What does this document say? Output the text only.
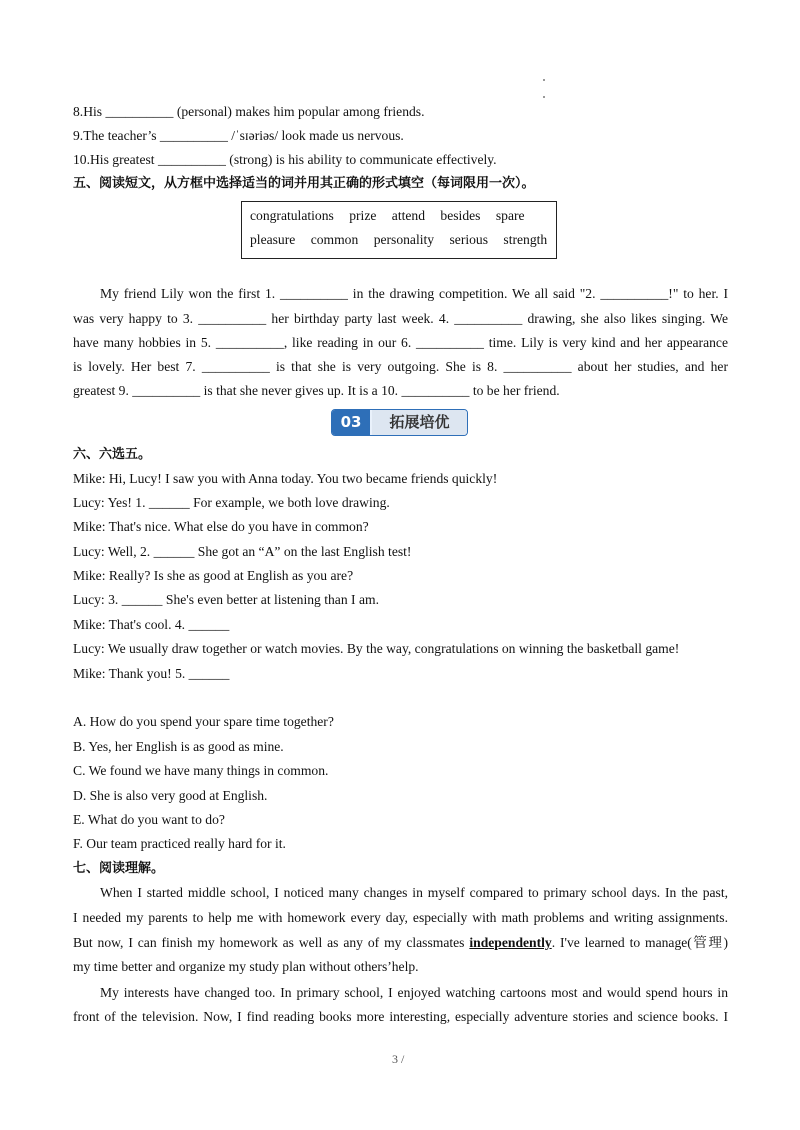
8.His __________ (personal) makes him popular among friends.
9.The teacher’s __________ /ˈsɪəriəs/ look made us nervous.
10.His greatest __________ (strong) is his ability to communicate effectively.
五、阅读短文，从方框中选择适当的词并用其正确的形式填空（每词限用一次）。
congratulations prize attend besides spare
pleasure common personality serious strength
My friend Lily won the first 1. __________ in the drawing competition. We all said "2. __________!" to her. I
was very happy to 3. __________ her birthday party last week. 4. __________ drawing, she also likes singing. We
have many hobbies in 5. __________, like reading in our 6. __________ time. Lily is very kind and her appearance
is lovely. Her best 7. __________ is that she is very outgoing. She is 8. __________ about her studies, and her
greatest 9. __________ is that she never gives up. It is a 10. __________ to be her friend.
03	拓展培优
六、六选五。
Mike: Hi, Lucy! I saw you with Anna today. You two became friends quickly!
Lucy: Yes! 1. ______ For example, we both love drawing.
Mike: That's nice. What else do you have in common?
Lucy: Well, 2. ______ She got an “A” on the last English test!
Mike: Really? Is she as good at English as you are?
Lucy: 3. ______ She's even better at listening than I am.
Mike: That's cool. 4. ______
Lucy: We usually draw together or watch movies. By the way, congratulations on winning the basketball game!
Mike: Thank you! 5. ______
A. How do you spend your spare time together?
B. Yes, her English is as good as mine.
C. We found we have many things in common.
D. She is also very good at English.
E. What do you want to do?
F. Our team practiced really hard for it.
七、阅读理解。
When I started middle school, I noticed many changes in myself compared to primary school days. In the past,
I needed my parents to help me with homework every day, especially with math problems and writing assignments.
But now, I can finish my homework as well as any of my classmates independently. I've learned to manage(管理)
my time better and organize my study plan without others’help.
My interests have changed too. In primary school, I enjoyed watching cartoons most and would spend hours in
front of the television. Now, I find reading books more interesting, especially adventure stories and science books. I
3 /
